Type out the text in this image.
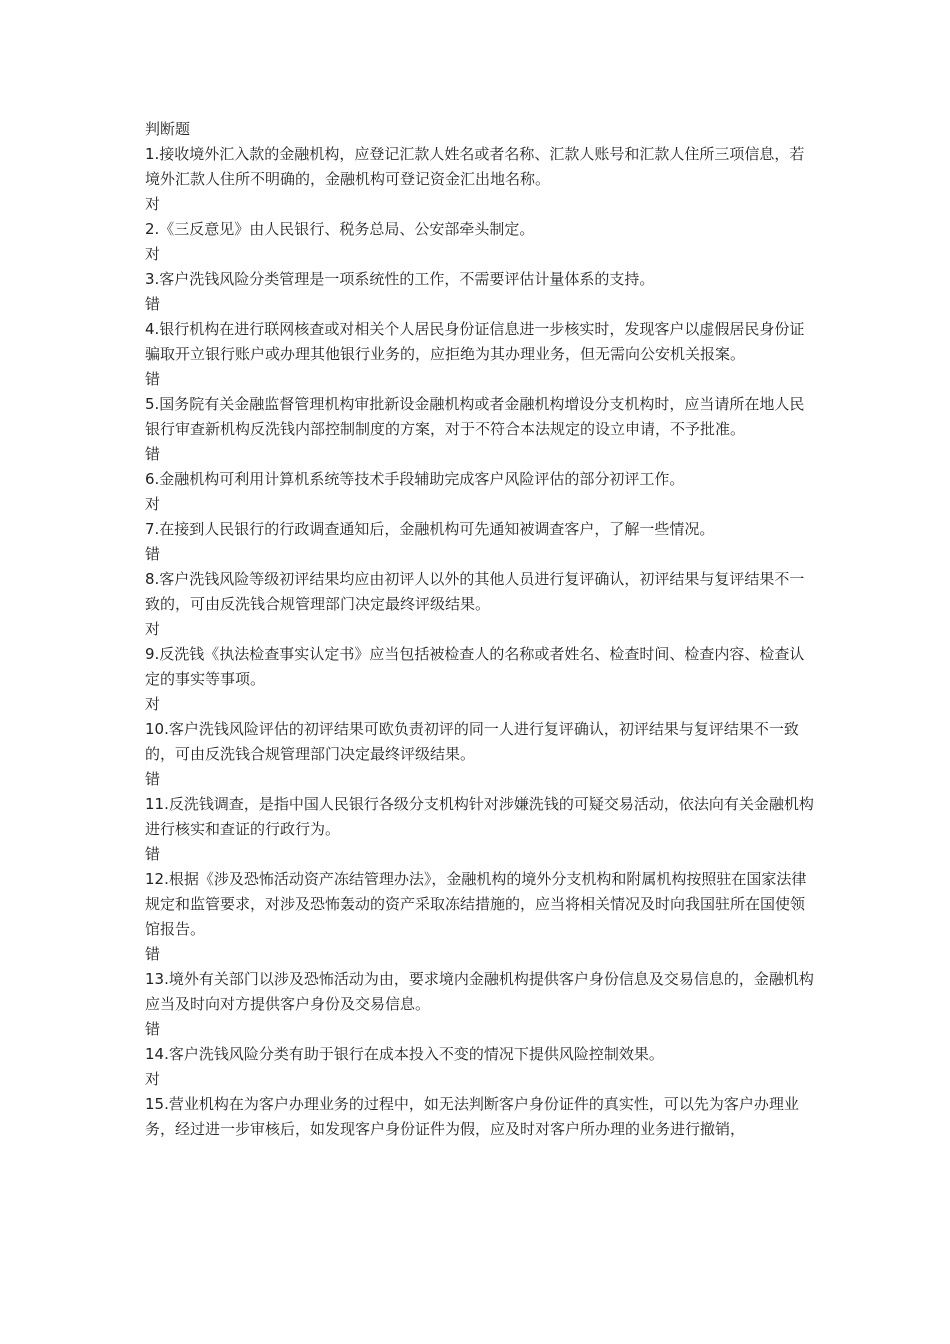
判断题
1.接收境外汇入款的金融机构，应登记汇款人姓名或者名称、汇款人账号和汇款人住所三项信息，若境外汇款人住所不明确的，金融机构可登记资金汇出地名称。
对
2.《三反意见》由人民银行、税务总局、公安部牵头制定。
对
3.客户洗钱风险分类管理是一项系统性的工作，不需要评估计量体系的支持。
错
4.银行机构在进行联网核查或对相关个人居民身份证信息进一步核实时，发现客户以虚假居民身份证骗取开立银行账户或办理其他银行业务的，应拒绝为其办理业务，但无需向公安机关报案。
错
5.国务院有关金融监督管理机构审批新设金融机构或者金融机构增设分支机构时，应当请所在地人民银行审查新机构反洗钱内部控制制度的方案，对于不符合本法规定的设立申请，不予批准。
错
6.金融机构可利用计算机系统等技术手段辅助完成客户风险评估的部分初评工作。
对
7.在接到人民银行的行政调查通知后，金融机构可先通知被调查客户，了解一些情况。
错
8.客户洗钱风险等级初评结果均应由初评人以外的其他人员进行复评确认，初评结果与复评结果不一致的，可由反洗钱合规管理部门决定最终评级结果。
对
9.反洗钱《执法检查事实认定书》应当包括被检查人的名称或者姓名、检查时间、检查内容、检查认定的事实等事项。
对
10.客户洗钱风险评估的初评结果可欧负责初评的同一人进行复评确认，初评结果与复评结果不一致的，可由反洗钱合规管理部门决定最终评级结果。
错
11.反洗钱调查，是指中国人民银行各级分支机构针对涉嫌洗钱的可疑交易活动，依法向有关金融机构进行核实和查证的行政行为。
错
12.根据《涉及恐怖活动资产冻结管理办法》，金融机构的境外分支机构和附属机构按照驻在国家法律规定和监管要求，对涉及恐怖轰动的资产采取冻结措施的，应当将相关情况及时向我国驻所在国使领馆报告。
错
13.境外有关部门以涉及恐怖活动为由，要求境内金融机构提供客户身份信息及交易信息的，金融机构应当及时向对方提供客户身份及交易信息。
错
14.客户洗钱风险分类有助于银行在成本投入不变的情况下提供风险控制效果。
对
15.营业机构在为客户办理业务的过程中，如无法判断客户身份证件的真实性，可以先为客户办理业务，经过进一步审核后，如发现客户身份证件为假，应及时对客户所办理的业务进行撤销，
